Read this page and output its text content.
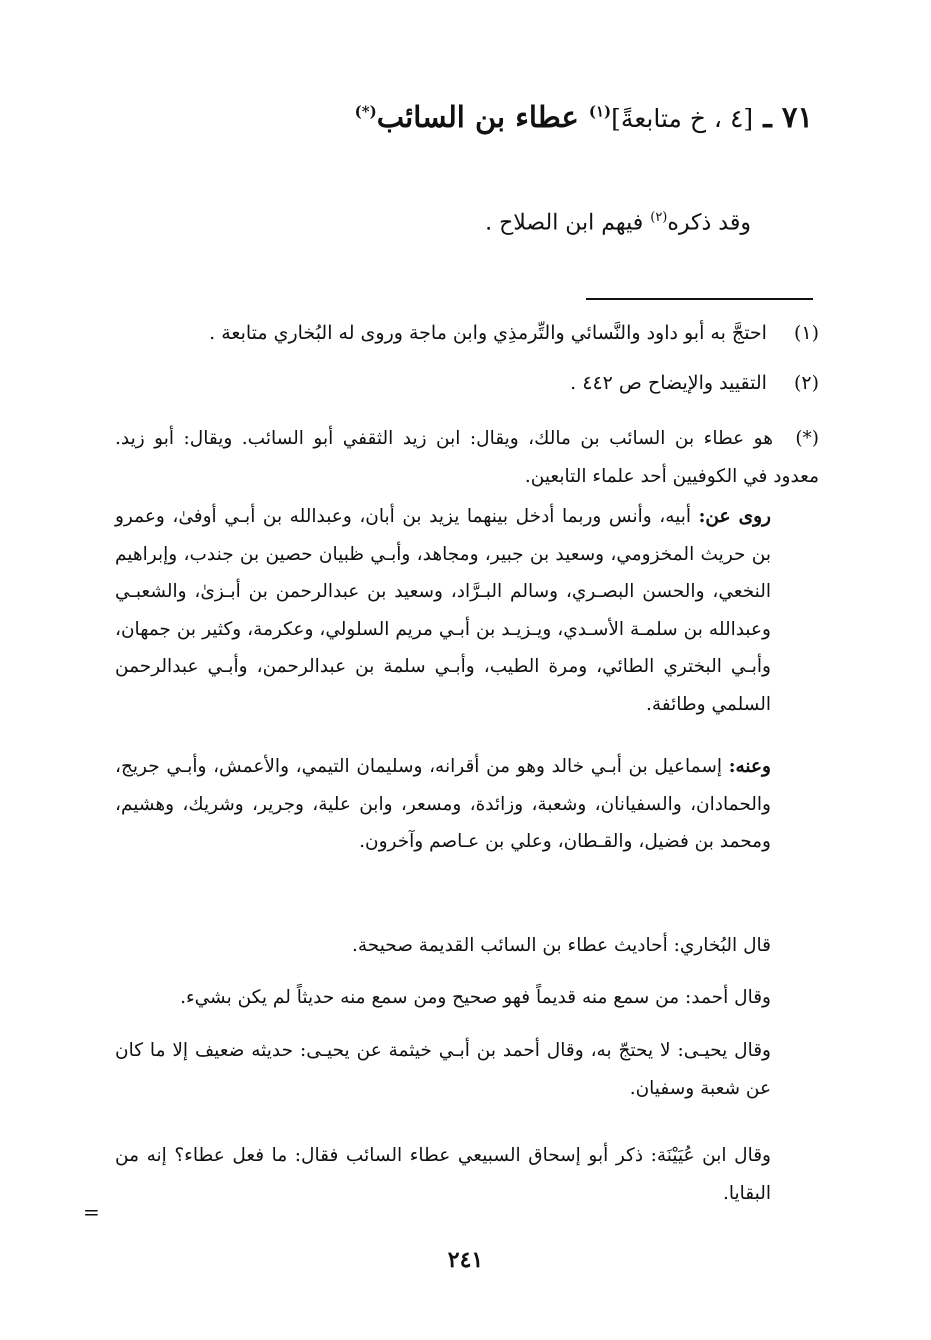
٧١ ـ [٤ ، خ متابعةً]$^{(١)}$ عطاء بن السائب(*)
وقد ذكره$^{(٢)}$ فيهم ابن الصلاح .
(١) احتجَّ به أبو داود والنَّسائي والتِّرمذِي وابن ماجة وروى له البُخاري متابعة .
(٢) التقييد والإيضاح ص ٤٤٢ .
(*)هو عطاء بن السائب بن مالك، ويقال: ابن زيد الثقفي أبو السائب. ويقال: أبو زيد. معدود في الكوفيين أحد علماء التابعين.
روى عن: أبيه، وأنس وربما أدخل بينهما يزيد بن أبان، وعبدالله بن أبـي أوفىٰ، وعمرو بن حريث المخزومي، وسعيد بن جبير، ومجاهد، وأبـي ظبيان حصين بن جندب، وإبراهيم النخعي، والحسن البصـري، وسالم البـرَّاد، وسعيد بن عبدالرحمن بن أبـزىٰ، والشعبـي وعبدالله بن سلمـة الأسـدي، ويـزيـد بن أبـي مريم السلولي، وعكرمة، وكثير بن جمهان، وأبـي البختري الطائي، ومرة الطيب، وأبـي سلمة بن عبدالرحمن، وأبـي عبدالرحمن السلمي وطائفة.
وعنه: إسماعيل بن أبـي خالد وهو من أقرانه، وسليمان التيمي، والأعمش، وأبـي جريج، والحمادان، والسفيانان، وشعبة، وزائدة، ومسعر، وابن علية، وجرير، وشريك، وهشيم، ومحمد بن فضيل، والقـطان، وعلي بن عـاصم وآخرون.
قال البُخاري: أحاديث عطاء بن السائب القديمة صحيحة.
وقال أحمد: من سمع منه قديماً فهو صحيح ومن سمع منه حديثاً لم يكن بشيء.
وقال يحيـى: لا يحتجّ به، وقال أحمد بن أبـي خيثمة عن يحيـى: حديثه ضعيف إلا ما كان عن شعبة وسفيان.
وقال ابن عُيَيْنَة: ذكر أبو إسحاق السبيعي عطاء السائب فقال: ما فعل عطاء؟ إنه من البقايا.
=
٢٤١
